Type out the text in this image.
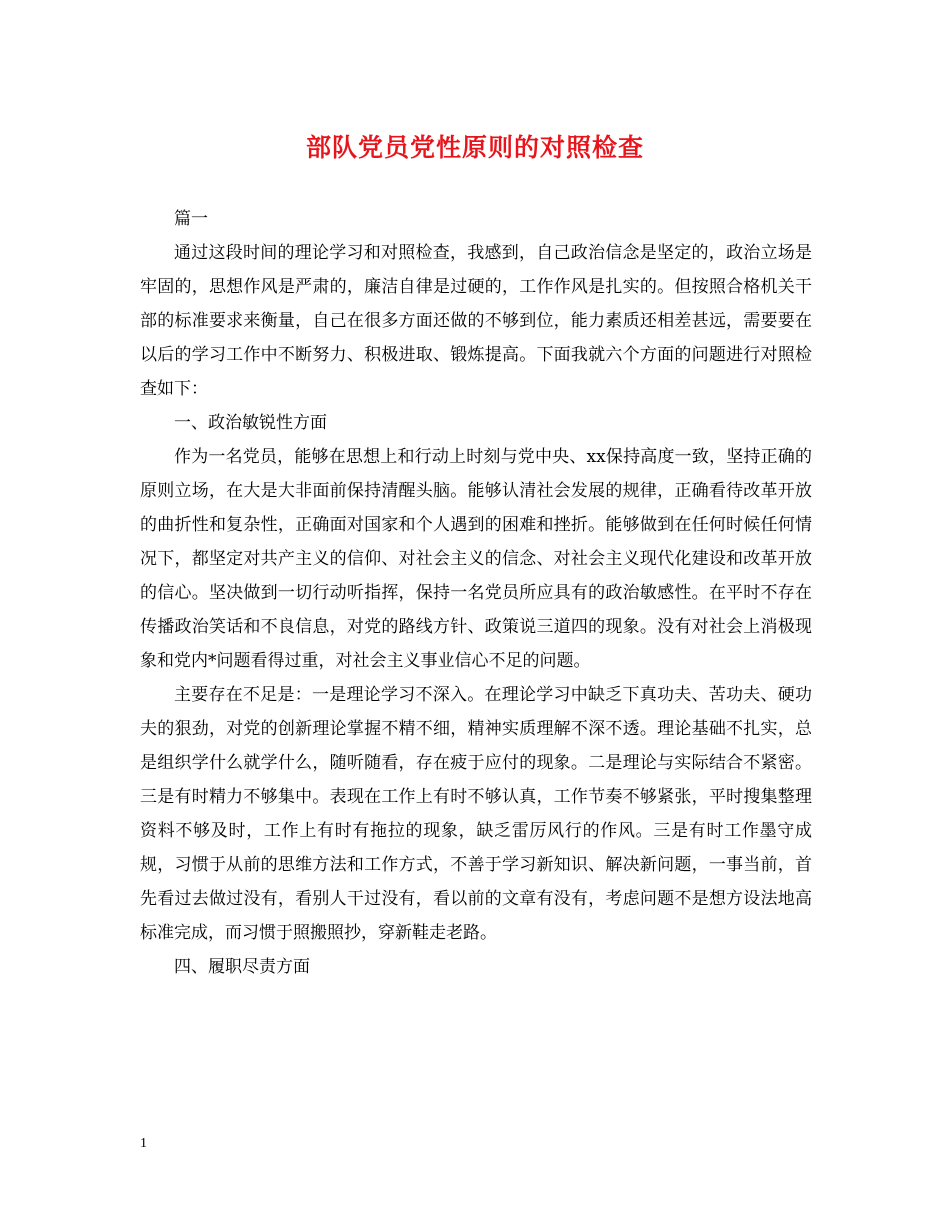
部队党员党性原则的对照检查

篇一

通过这段时间的理论学习和对照检查，我感到，自己政治信念是坚定的，政治立场是牢固的，思想作风是严肃的，廉洁自律是过硬的，工作作风是扎实的。但按照合格机关干部的标准要求来衡量，自己在很多方面还做的不够到位，能力素质还相差甚远，需要要在以后的学习工作中不断努力、积极进取、锻炼提高。下面我就六个方面的问题进行对照检查如下：

一、政治敏锐性方面

作为一名党员，能够在思想上和行动上时刻与党中央、xx保持高度一致，坚持正确的原则立场，在大是大非面前保持清醒头脑。能够认清社会发展的规律，正确看待改革开放的曲折性和复杂性，正确面对国家和个人遇到的困难和挫折。能够做到在任何时候任何情况下，都坚定对共产主义的信仰、对社会主义的信念、对社会主义现代化建设和改革开放的信心。坚决做到一切行动听指挥，保持一名党员所应具有的政治敏感性。在平时不存在传播政治笑话和不良信息，对党的路线方针、政策说三道四的现象。没有对社会上消极现象和党内*问题看得过重，对社会主义事业信心不足的问题。

主要存在不足是：一是理论学习不深入。在理论学习中缺乏下真功夫、苦功夫、硬功夫的狠劲，对党的创新理论掌握不精不细，精神实质理解不深不透。理论基础不扎实，总是组织学什么就学什么，随听随看，存在疲于应付的现象。二是理论与实际结合不紧密。三是有时精力不够集中。表现在工作上有时不够认真，工作节奏不够紧张，平时搜集整理资料不够及时，工作上有时有拖拉的现象，缺乏雷厉风行的作风。三是有时工作墨守成规，习惯于从前的思维方法和工作方式，不善于学习新知识、解决新问题，一事当前，首先看过去做过没有，看别人干过没有，看以前的文章有没有，考虑问题不是想方设法地高标准完成，而习惯于照搬照抄，穿新鞋走老路。

四、履职尽责方面

1
